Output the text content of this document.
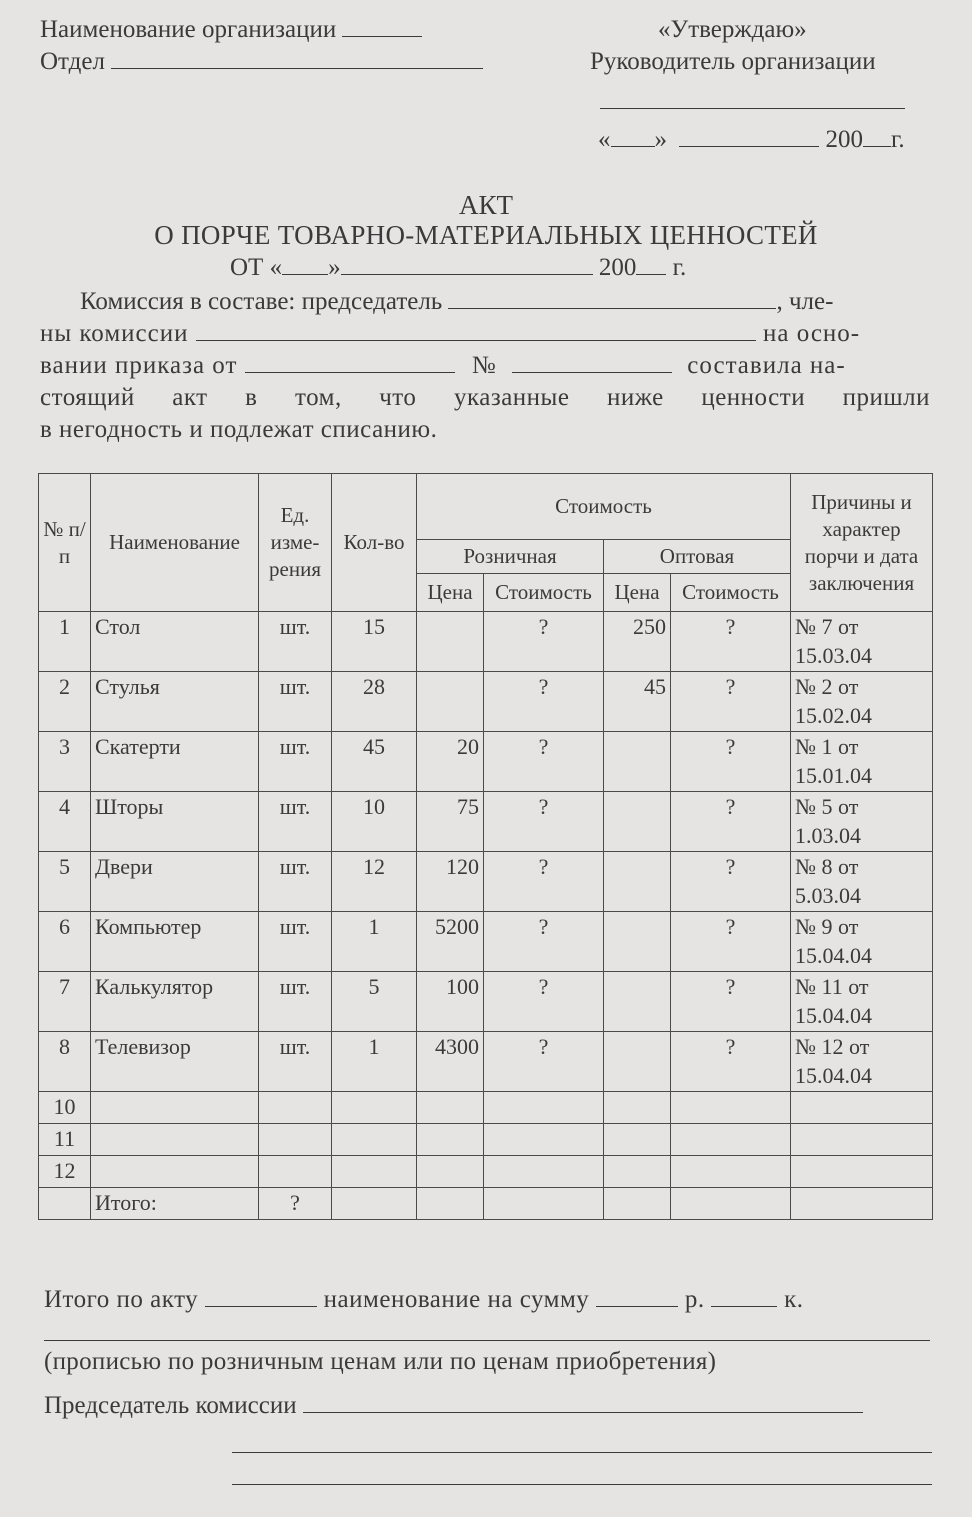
Наименование организации
Отдел
«Утверждаю»
Руководитель организации
« »	200 г.
АКТ
О ПОРЧЕ ТОВАРНО-МАТЕРИАЛЬНЫХ ЦЕННОСТЕЙ
ОТ « »	200 г.
Комиссия в составе: председатель	, чле-
ны комиссии	на осно-
вании приказа от	№	составила на-
стоящий акт в том, что указанные ниже ценности пришли
в негодность и подлежат списанию.
№ п/п	Наименование	Ед. изме-рения	Кол-во	Стоимость				Причины и характер порчи и дата заключения
				Розничная		Оптовая		
				Цена	Стоимость	Цена	Стоимость	
1	Стол	шт.	15		?	250	?	№ 7 от
15.03.04

2	Стулья	шт.	28		?	45	?	№ 2 от
15.02.04

3	Скатерти	шт.	45	20	?		?	№ 1 от
15.01.04

4	Шторы	шт.	10	75	?		?	№ 5 от
1.03.04

5	Двери	шт.	12	120	?		?	№ 8 от
5.03.04

6	Компьютер	шт.	1	5200	?		?	№ 9 от
15.04.04

7	Калькулятор	шт.	5	100	?		?	№ 11 от
15.04.04

8	Телевизор	шт.	1	4300	?		?	№ 12 от
15.04.04

10								
11								
12								
	Итого:	?						
Итого по акту	наименование на сумму	р.	к.
(прописью по розничным ценам или по ценам приобретения)
Председатель комиссии
